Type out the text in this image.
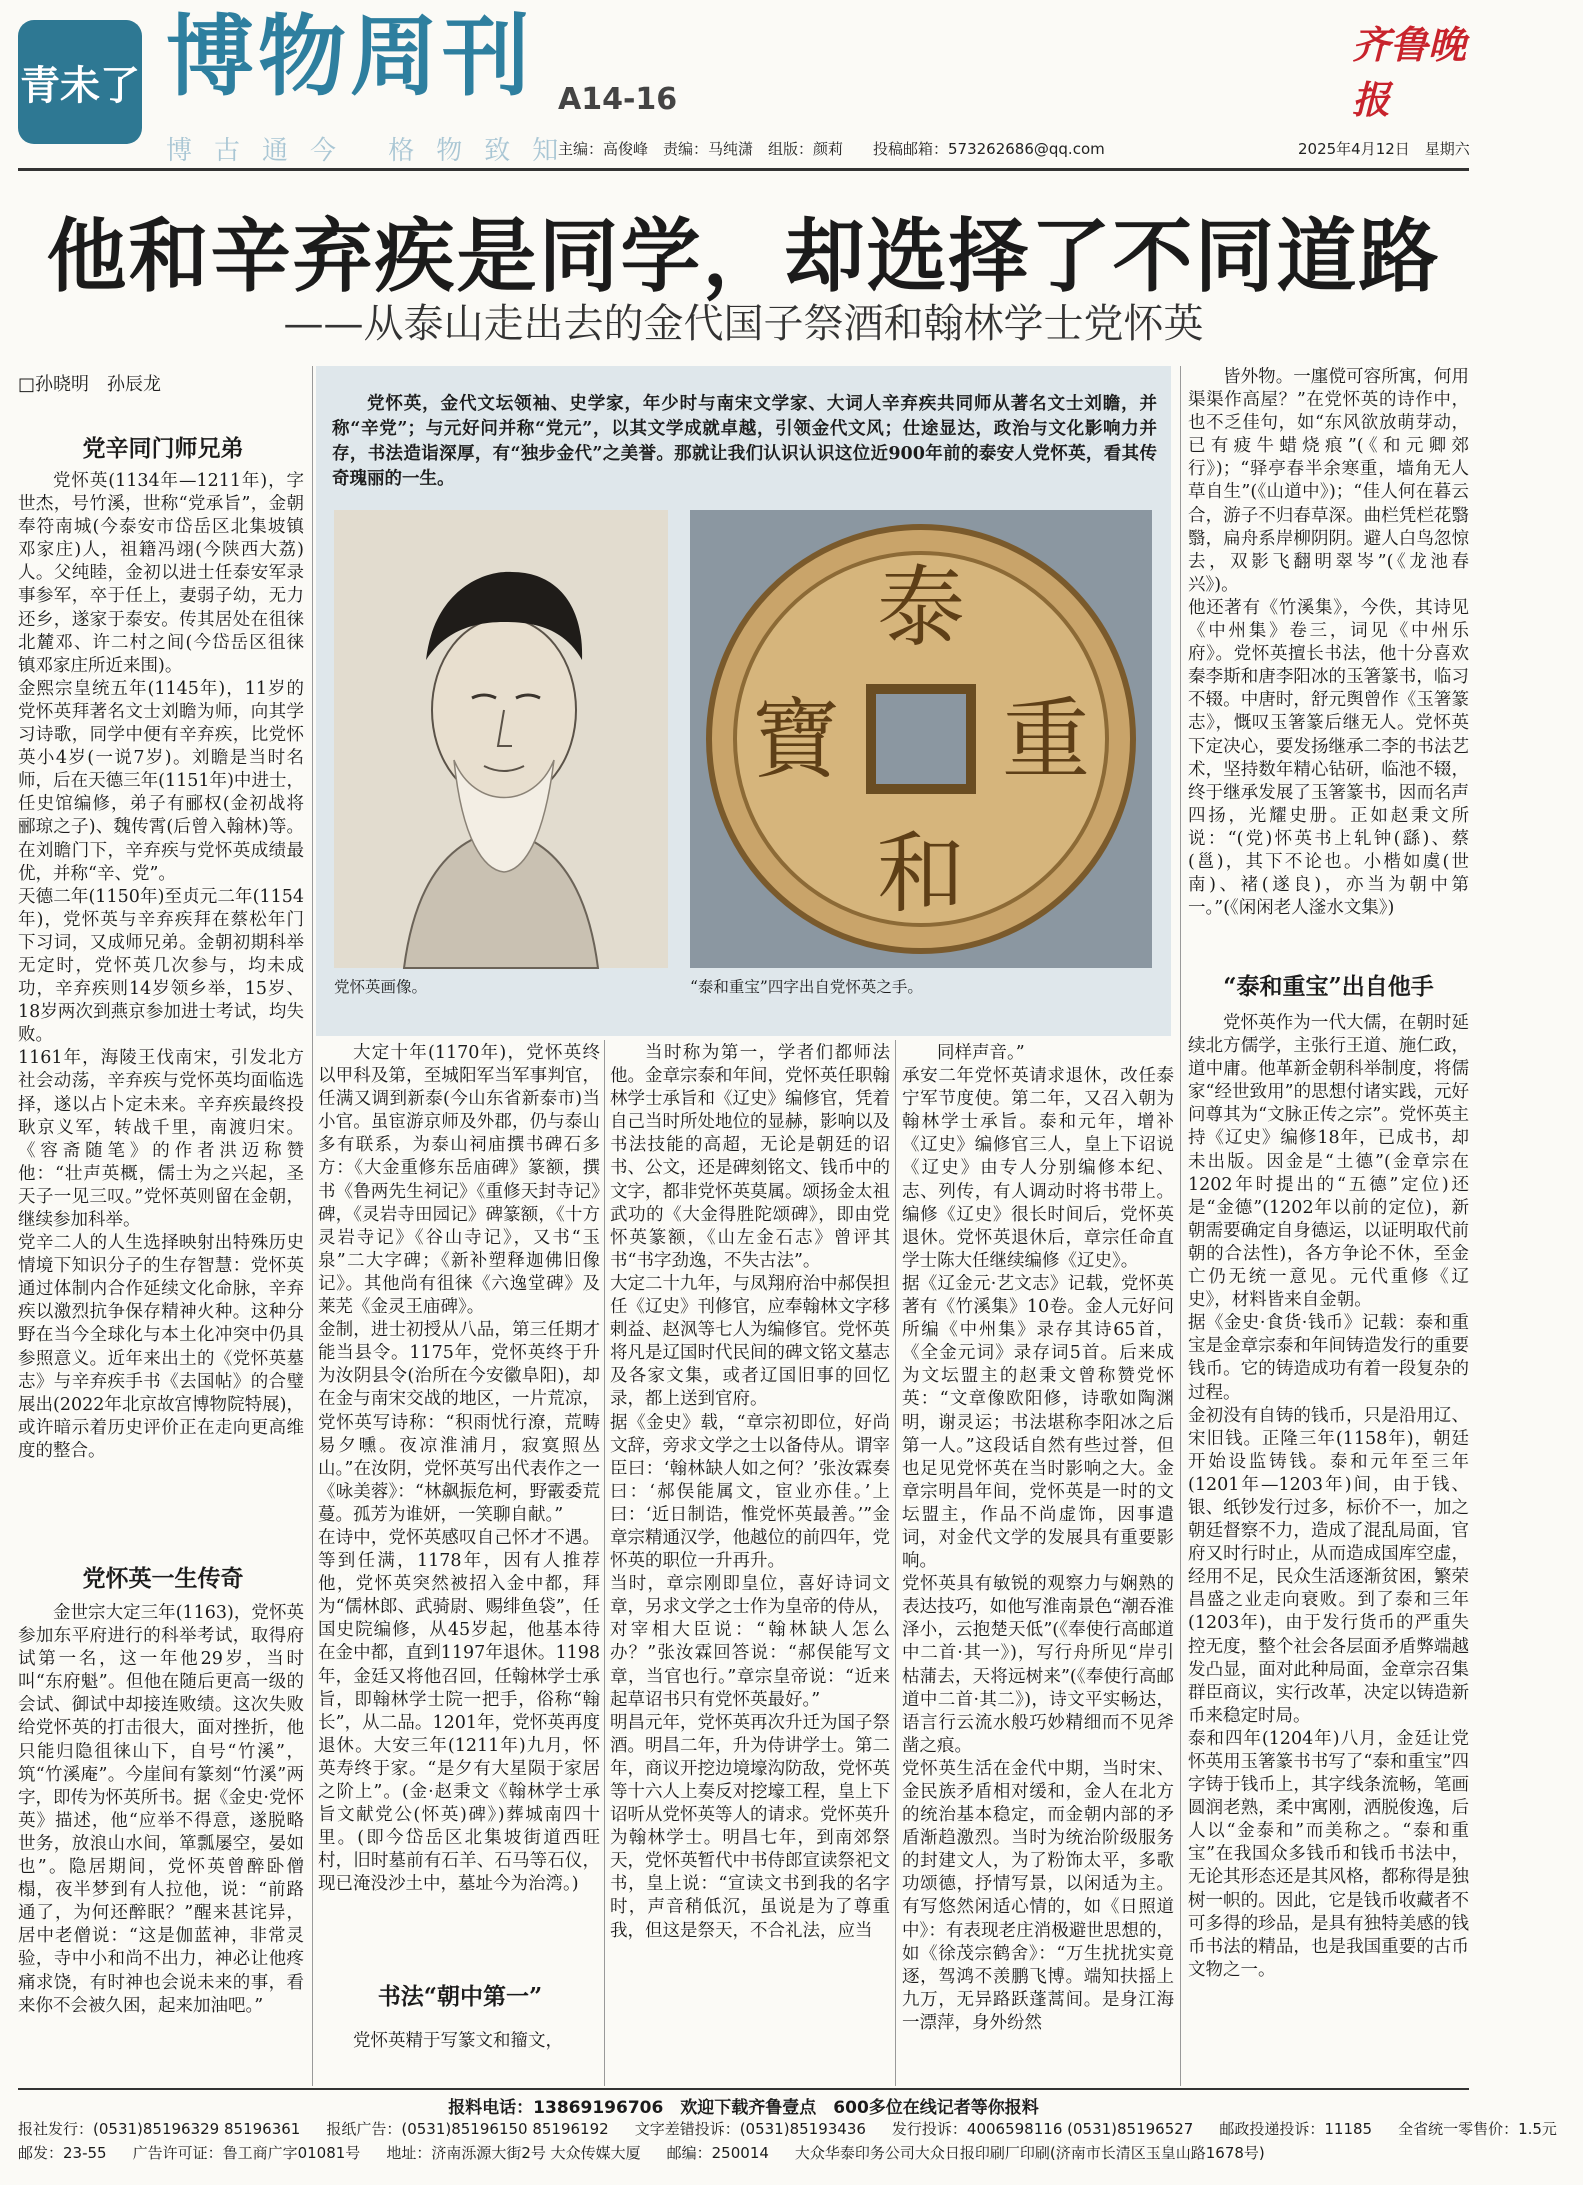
青未了 博物周刊 A14-16
齐鲁晚报
博古通今 格物致知
主编：高俊峰　责编：马纯潇　组版：颜莉　　投稿邮箱：573262686@qq.com	2025年4月12日　星期六
他和辛弃疾是同学，却选择了不同道路
——从泰山走出去的金代国子祭酒和翰林学士党怀英
□孙晓明　孙辰龙
党怀英，金代文坛领袖、史学家，年少时与南宋文学家、大词人辛弃疾共同师从著名文士刘瞻，并称“辛党”；与元好问并称“党元”，以其文学成就卓越，引领金代文风；仕途显达，政治与文化影响力并存，书法造诣深厚，有“独步金代”之美誉。那就让我们认识认识这位近900年前的泰安人党怀英，看其传奇瑰丽的一生。
泰
和
重
寶
党怀英画像。	“泰和重宝”四字出自党怀英之手。
党辛同门师兄弟
党怀英(1134年—1211年)，字世杰，号竹溪，世称“党承旨”，金朝奉符南城(今泰安市岱岳区北集坡镇邓家庄)人，祖籍冯翊(今陕西大荔)人。父纯睦，金初以进士任泰安军录事参军，卒于任上，妻弱子幼，无力还乡，遂家于泰安。传其居处在徂徕北麓邓、许二村之间(今岱岳区徂徕镇邓家庄所近来围)。
金熙宗皇统五年(1145年)，11岁的党怀英拜著名文士刘瞻为师，向其学习诗歌，同学中便有辛弃疾，比党怀英小4岁(一说7岁)。刘瞻是当时名师，后在天德三年(1151年)中进士，任史馆编修，弟子有郦权(金初战将郦琼之子)、魏传霄(后曾入翰林)等。在刘瞻门下，辛弃疾与党怀英成绩最优，并称“辛、党”。
天德二年(1150年)至贞元二年(1154年)，党怀英与辛弃疾拜在蔡松年门下习词，又成师兄弟。金朝初期科举无定时，党怀英几次参与，均未成功，辛弃疾则14岁领乡举，15岁、18岁两次到燕京参加进士考试，均失败。
1161年，海陵王伐南宋，引发北方社会动荡，辛弃疾与党怀英均面临选择，遂以占卜定未来。辛弃疾最终投耿京义军，转战千里，南渡归宋。《容斋随笔》的作者洪迈称赞他：“壮声英概，儒士为之兴起，圣天子一见三叹。”党怀英则留在金朝，继续参加科举。
党辛二人的人生选择映射出特殊历史情境下知识分子的生存智慧：党怀英通过体制内合作延续文化命脉，辛弃疾以激烈抗争保存精神火种。这种分野在当今全球化与本土化冲突中仍具参照意义。近年来出土的《党怀英墓志》与辛弃疾手书《去国帖》的合璧展出(2022年北京故宫博物院特展)，或许暗示着历史评价正在走向更高维度的整合。
党怀英一生传奇
金世宗大定三年(1163)，党怀英参加东平府进行的科举考试，取得府试第一名，这一年他29岁，当时叫“东府魁”。但他在随后更高一级的会试、御试中却接连败绩。这次失败给党怀英的打击很大，面对挫折，他只能归隐徂徕山下，自号“竹溪”，筑“竹溪庵”。今崖间有篆刻“竹溪”两字，即传为怀英所书。据《金史·党怀英》描述，他“应举不得意，遂脱略世务，放浪山水间，箪瓢屡空，晏如也”。隐居期间，党怀英曾醉卧僧榻，夜半梦到有人拉他，说：“前路通了，为何还醉眠？”醒来甚诧异，居中老僧说：“这是伽蓝神，非常灵验，寺中小和尚不出力，神必让他疼痛求饶，有时神也会说未来的事，看来你不会被久困，起来加油吧。”
大定十年(1170年)，党怀英终以甲科及第，至城阳军当军事判官，任满又调到新泰(今山东省新泰市)当小官。虽宦游京师及外郡，仍与泰山多有联系，为泰山祠庙撰书碑石多方：《大金重修东岳庙碑》篆额，撰书《鲁两先生祠记》《重修天封寺记》碑，《灵岩寺田园记》碑篆额，《十方灵岩寺记》《谷山寺记》，又书“玉泉”二大字碑；《新补塑释迦佛旧像记》。其他尚有徂徕《六逸堂碑》及莱芜《金灵王庙碑》。
金制，进士初授从八品，第三任期才能当县令。1175年，党怀英终于升为汝阴县令(治所在今安徽阜阳)，却在金与南宋交战的地区，一片荒凉，党怀英写诗称：“积雨忧行潦，荒畴易夕曛。夜凉淮浦月，寂寞照丛山。”在汝阴，党怀英写出代表作之一《咏美蓉》：“林飙振危柯，野霰委荒蔓。孤芳为谁妍，一笑聊自献。”
在诗中，党怀英感叹自己怀才不遇。等到任满，1178年，因有人推荐他，党怀英突然被招入金中都，拜为“儒林郎、武骑尉、赐绯鱼袋”，任国史院编修，从45岁起，他基本待在金中都，直到1197年退休。1198年，金廷又将他召回，任翰林学士承旨，即翰林学士院一把手，俗称“翰长”，从二品。1201年，党怀英再度退休。大安三年(1211年)九月，怀英寿终于家。“是夕有大星陨于家居之阶上”。(金·赵秉文《翰林学士承旨文献党公(怀英)碑》)葬城南四十里。(即今岱岳区北集坡街道西旺村，旧时墓前有石羊、石马等石仪，现已淹没沙土中，墓址今为治湾。)
书法“朝中第一”
党怀英精于写篆文和籀文，
当时称为第一，学者们都师法他。金章宗泰和年间，党怀英任职翰林学士承旨和《辽史》编修官，凭着自己当时所处地位的显赫，影响以及书法技能的高超，无论是朝廷的诏书、公文，还是碑刻铭文、钱币中的文字，都非党怀英莫属。颂扬金太祖武功的《大金得胜陀颂碑》，即由党怀英篆额，《山左金石志》曾评其书“书字劲逸，不失古法”。
大定二十九年，与凤翔府治中郝俣担任《辽史》刊修官，应奉翰林文字移剌益、赵沨等七人为编修官。党怀英将凡是辽国时代民间的碑文铭文墓志及各家文集，或者辽国旧事的回忆录，都上送到官府。
据《金史》载，“章宗初即位，好尚文辞，旁求文学之士以备侍从。谓宰臣曰：‘翰林缺人如之何？’张汝霖奏曰：‘郝俣能属文，宦业亦佳。’上曰：‘近日制诰，惟党怀英最善。’”金章宗精通汉学，他越位的前四年，党怀英的职位一升再升。
当时，章宗刚即皇位，喜好诗词文章，另求文学之士作为皇帝的侍从，对宰相大臣说：“翰林缺人怎么办？”张汝霖回答说：“郝俣能写文章，当官也行。”章宗皇帝说：“近来起草诏书只有党怀英最好。”
明昌元年，党怀英再次升迁为国子祭酒。明昌二年，升为侍讲学士。第二年，商议开挖边境壕沟防敌，党怀英等十六人上奏反对挖壕工程，皇上下诏听从党怀英等人的请求。党怀英升为翰林学士。明昌七年，到南郊祭天，党怀英暂代中书侍郎宣读祭祀文书，皇上说：“宣读文书到我的名字时，声音稍低沉，虽说是为了尊重我，但这是祭天，不合礼法，应当
同样声音。”
承安二年党怀英请求退休，改任泰宁军节度使。第二年，又召入朝为翰林学士承旨。泰和元年，增补《辽史》编修官三人，皇上下诏说《辽史》由专人分别编修本纪、志、列传，有人调动时将书带上。编修《辽史》很长时间后，党怀英退休。党怀英退休后，章宗任命直学士陈大任继续编修《辽史》。
据《辽金元·艺文志》记载，党怀英著有《竹溪集》10卷。金人元好问所编《中州集》录存其诗65首，《全金元词》录存词5首。后来成为文坛盟主的赵秉文曾称赞党怀英：“文章像欧阳修，诗歌如陶渊明，谢灵运；书法堪称李阳冰之后第一人。”这段话自然有些过誉，但也足见党怀英在当时影响之大。金章宗明昌年间，党怀英是一时的文坛盟主，作品不尚虚饰，因事遣词，对金代文学的发展具有重要影响。
党怀英具有敏锐的观察力与娴熟的表达技巧，如他写淮南景色“潮吞淮泽小，云抱楚天低”(《奉使行高邮道中二首·其一》)，写行舟所见“岸引枯蒲去，天将远树来”(《奉使行高邮道中二首·其二》)，诗文平实畅达，语言行云流水般巧妙精细而不见斧凿之痕。
党怀英生活在金代中期，当时宋、金民族矛盾相对缓和，金人在北方的统治基本稳定，而金朝内部的矛盾渐趋激烈。当时为统治阶级服务的封建文人，为了粉饰太平，多歌功颂德，抒情写景，以闲适为主。有写悠然闲适心情的，如《日照道中》：有表现老庄消极避世思想的，如《徐茂宗鹤舍》：“万生扰扰实竟逐，驾鸿不羡鹏飞博。端知扶摇上九万，无异路跃蓬蒿间。是身江海一漂萍，身外纷然
皆外物。一廛傥可容所寓，何用渠渠作高屋？”在党怀英的诗作中，也不乏佳句，如“东风欲放萌芽动，已有疲牛蜡烧痕”(《和元卿郊行》)；“驿亭春半余寒重，墙角无人草自生”(《山道中》)；“佳人何在暮云合，游子不归春草深。曲栏凭栏花翳翳，扁舟系岸柳阴阴。避人白鸟忽惊去，双影飞翻明翠岑”(《龙池春兴》)。
他还著有《竹溪集》，今佚，其诗见《中州集》卷三，词见《中州乐府》。党怀英擅长书法，他十分喜欢秦李斯和唐李阳冰的玉箸篆书，临习不辍。中唐时，舒元舆曾作《玉箸篆志》，慨叹玉箸篆后继无人。党怀英下定决心，要发扬继承二李的书法艺术，坚持数年精心钻研，临池不辍，终于继承发展了玉箸篆书，因而名声四扬，光耀史册。正如赵秉文所说：“(党)怀英书上轧钟(繇)、蔡(邕)，其下不论也。小楷如虞(世南)、褚(遂良)，亦当为朝中第一。”(《闲闲老人滏水文集》)
“泰和重宝”出自他手
党怀英作为一代大儒，在朝时延续北方儒学，主张行王道、施仁政，道中庸。他革新金朝科举制度，将儒家“经世致用”的思想付诸实践，元好问尊其为“文脉正传之宗”。党怀英主持《辽史》编修18年，已成书，却未出版。因金是“土德”(金章宗在1202年时提出的“五德”定位)还是“金德”(1202年以前的定位)，新朝需要确定自身德运，以证明取代前朝的合法性)，各方争论不休，至金亡仍无统一意见。元代重修《辽史》，材料皆来自金朝。
据《金史·食货·钱币》记载：泰和重宝是金章宗泰和年间铸造发行的重要钱币。它的铸造成功有着一段复杂的过程。
金初没有自铸的钱币，只是沿用辽、宋旧钱。正隆三年(1158年)，朝廷开始设监铸钱。泰和元年至三年(1201年—1203年)间，由于钱、银、纸钞发行过多，标价不一，加之朝廷督察不力，造成了混乱局面，官府又时行时止，从而造成国库空虚，经用不足，民众生活逐渐贫困，繁荣昌盛之业走向衰败。到了泰和三年(1203年)，由于发行货币的严重失控无度，整个社会各层面矛盾弊端越发凸显，面对此种局面，金章宗召集群臣商议，实行改革，决定以铸造新币来稳定时局。
泰和四年(1204年)八月，金廷让党怀英用玉箸篆书书写了“泰和重宝”四字铸于钱币上，其字线条流畅，笔画圆润老熟，柔中寓刚，洒脱俊逸，后人以“金泰和”而美称之。“泰和重宝”在我国众多钱币和钱币书法中，无论其形态还是其风格，都称得是独树一帜的。因此，它是钱币收藏者不可多得的珍品，是具有独特美感的钱币书法的精品，也是我国重要的古币文物之一。
报料电话：13869196706　欢迎下载齐鲁壹点　600多位在线记者等你报料
报社发行：(0531)85196329 85196361 报纸广告：(0531)85196150 85196192 文字差错投诉：(0531)85193436 发行投诉：4006598116 (0531)85196527 邮政投递投诉：11185 全省统一零售价：1.5元
邮发：23-55 广告许可证：鲁工商广字01081号 地址：济南泺源大街2号 大众传媒大厦 邮编：250014 大众华泰印务公司大众日报印刷厂印刷(济南市长清区玉皇山路1678号)
